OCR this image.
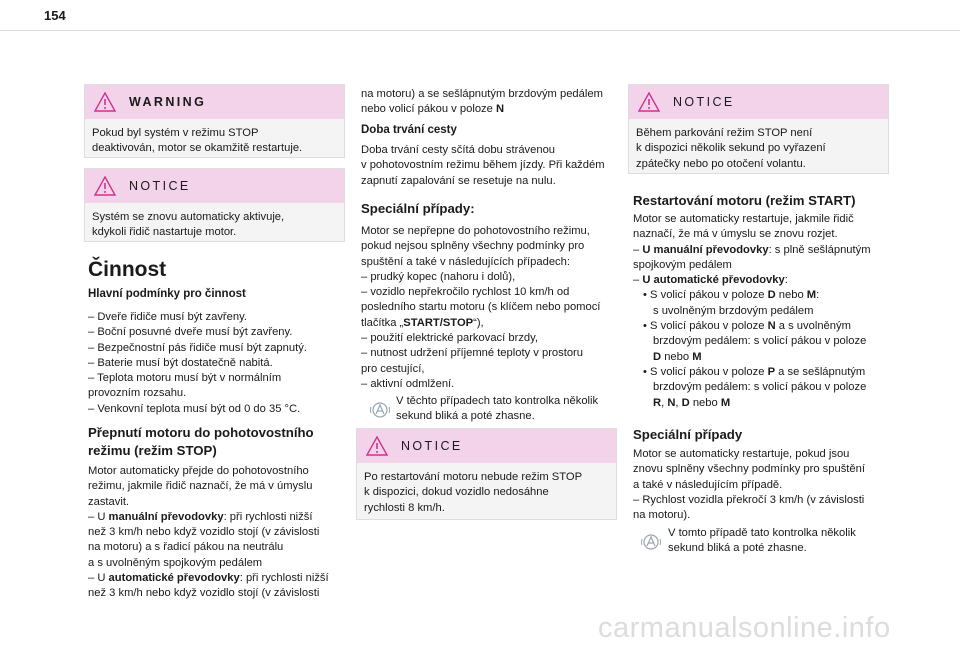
154
WARNING
Pokud byl systém v režimu STOP
deaktivován, motor se okamžitě restartuje.
NOTICE
Systém se znovu automaticky aktivuje,
kdykoli řidič nastartuje motor.
Činnost
Hlavní podmínky pro činnost
– Dveře řidiče musí být zavřeny.
– Boční posuvné dveře musí být zavřeny.
– Bezpečnostní pás řidiče musí být zapnutý.
– Baterie musí být dostatečně nabitá.
– Teplota motoru musí být v normálním
provozním rozsahu.
– Venkovní teplota musí být od 0 do 35 °C.
Přepnutí motoru do pohotovostního
režimu (režim STOP)
Motor automaticky přejde do pohotovostního
režimu, jakmile řidič naznačí, že má v úmyslu
zastavit.
– U manuální převodovky: při rychlosti nižší
než 3 km/h nebo když vozidlo stojí (v závislosti
na motoru) a s řadicí pákou na neutrálu
a s uvolněným spojkovým pedálem
– U automatické převodovky: při rychlosti nižší
než 3 km/h nebo když vozidlo stojí (v závislosti
na motoru) a se sešlápnutým brzdovým pedálem
nebo volicí pákou v poloze N
Doba trvání cesty
Doba trvání cesty sčítá dobu strávenou
v pohotovostním režimu během jízdy. Při každém
zapnutí zapalování se resetuje na nulu.
Speciální případy:
Motor se nepřepne do pohotovostního režimu,
pokud nejsou splněny všechny podmínky pro
spuštění a také v následujících případech:
– prudký kopec (nahoru i dolů),
– vozidlo nepřekročilo rychlost 10 km/h od
posledního startu motoru (s klíčem nebo pomocí
tlačítka „START/STOP“),
– použití elektrické parkovací brzdy,
– nutnost udržení příjemné teploty v prostoru
pro cestující,
– aktivní odmlžení.
V těchto případech tato kontrolka několik
sekund bliká a poté zhasne.
NOTICE
Po restartování motoru nebude režim STOP
k dispozici, dokud vozidlo nedosáhne
rychlosti 8 km/h.
NOTICE
Během parkování režim STOP není
k dispozici několik sekund po vyřazení
zpátečky nebo po otočení volantu.
Restartování motoru (režim START)
Motor se automaticky restartuje, jakmile řidič
naznačí, že má v úmyslu se znovu rozjet.
– U manuální převodovky: s plně sešlápnutým
spojkovým pedálem
– U automatické převodovky:
• S volicí pákou v poloze D nebo M:
s uvolněným brzdovým pedálem
• S volicí pákou v poloze N a s uvolněným
brzdovým pedálem: s volicí pákou v poloze
D nebo M
• S volicí pákou v poloze P a se sešlápnutým
brzdovým pedálem: s volicí pákou v poloze
R, N, D nebo M
Speciální případy
Motor se automaticky restartuje, pokud jsou
znovu splněny všechny podmínky pro spuštění
a také v následujícím případě.
– Rychlost vozidla překročí 3 km/h (v závislosti
na motoru).
V tomto případě tato kontrolka několik
sekund bliká a poté zhasne.
carmanualsonline.info
